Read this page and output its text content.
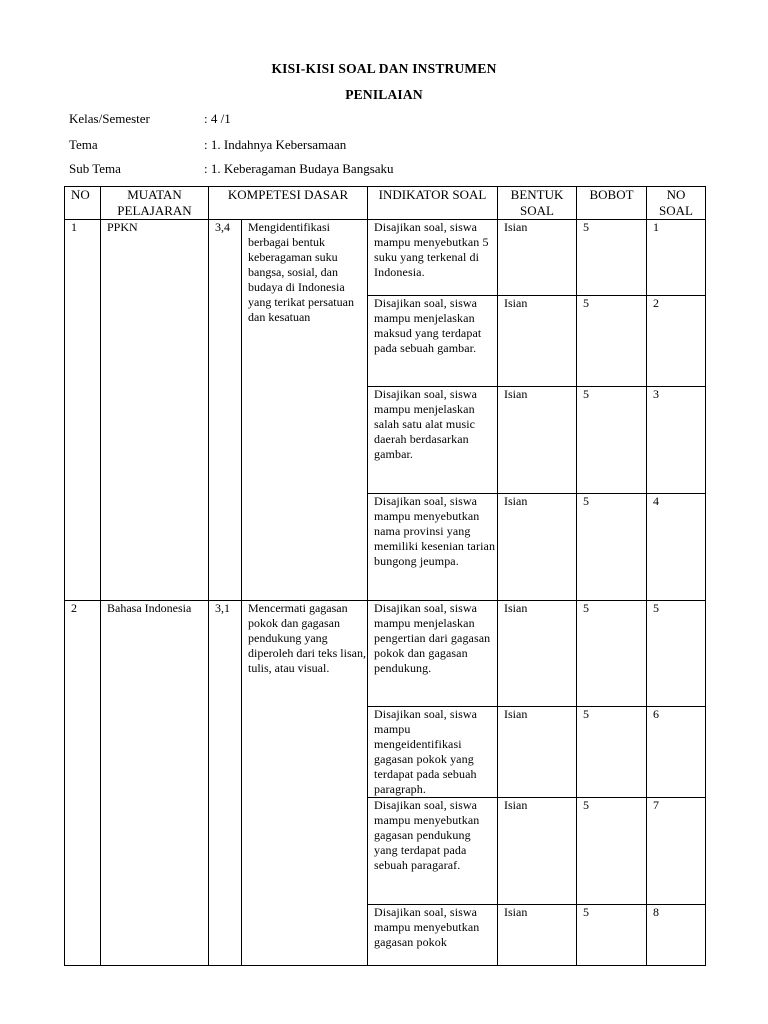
KISI-KISI SOAL DAN INSTRUMEN
PENILAIAN
Kelas/Semester	: 4 /1
Tema	: 1. Indahnya Kebersamaan
Sub Tema	: 1. Keberagaman Budaya Bangsaku
NO	MUATAN PELAJARAN	KOMPETESI DASAR		INDIKATOR SOAL	BENTUK SOAL	BOBOT	NO SOAL
1	PPKN	3,4	Mengidentifikasi berbagai bentuk keberagaman suku bangsa, sosial, dan budaya di Indonesia yang terikat persatuan dan kesatuan	Disajikan soal, siswa mampu menyebutkan 5 suku yang terkenal di Indonesia.	Isian	5	1
				Disajikan soal, siswa mampu menjelaskan maksud yang terdapat pada sebuah gambar.	Isian	5	2
				Disajikan soal, siswa mampu menjelaskan salah satu alat music daerah berdasarkan gambar.	Isian	5	3
				Disajikan soal, siswa mampu menyebutkan nama provinsi yang memiliki kesenian tarian bungong jeumpa.	Isian	5	4
2	Bahasa Indonesia	3,1	Mencermati gagasan pokok dan gagasan pendukung yang diperoleh dari teks lisan, tulis, atau visual.	Disajikan soal, siswa mampu menjelaskan pengertian dari gagasan pokok dan gagasan pendukung.	Isian	5	5
				Disajikan soal, siswa mampu mengeidentifikasi gagasan pokok yang terdapat pada sebuah paragraph.	Isian	5	6
				Disajikan soal, siswa mampu menyebutkan gagasan pendukung yang terdapat pada sebuah paragaraf.	Isian	5	7
				Disajikan soal, siswa mampu menyebutkan gagasan pokok	Isian	5	8
